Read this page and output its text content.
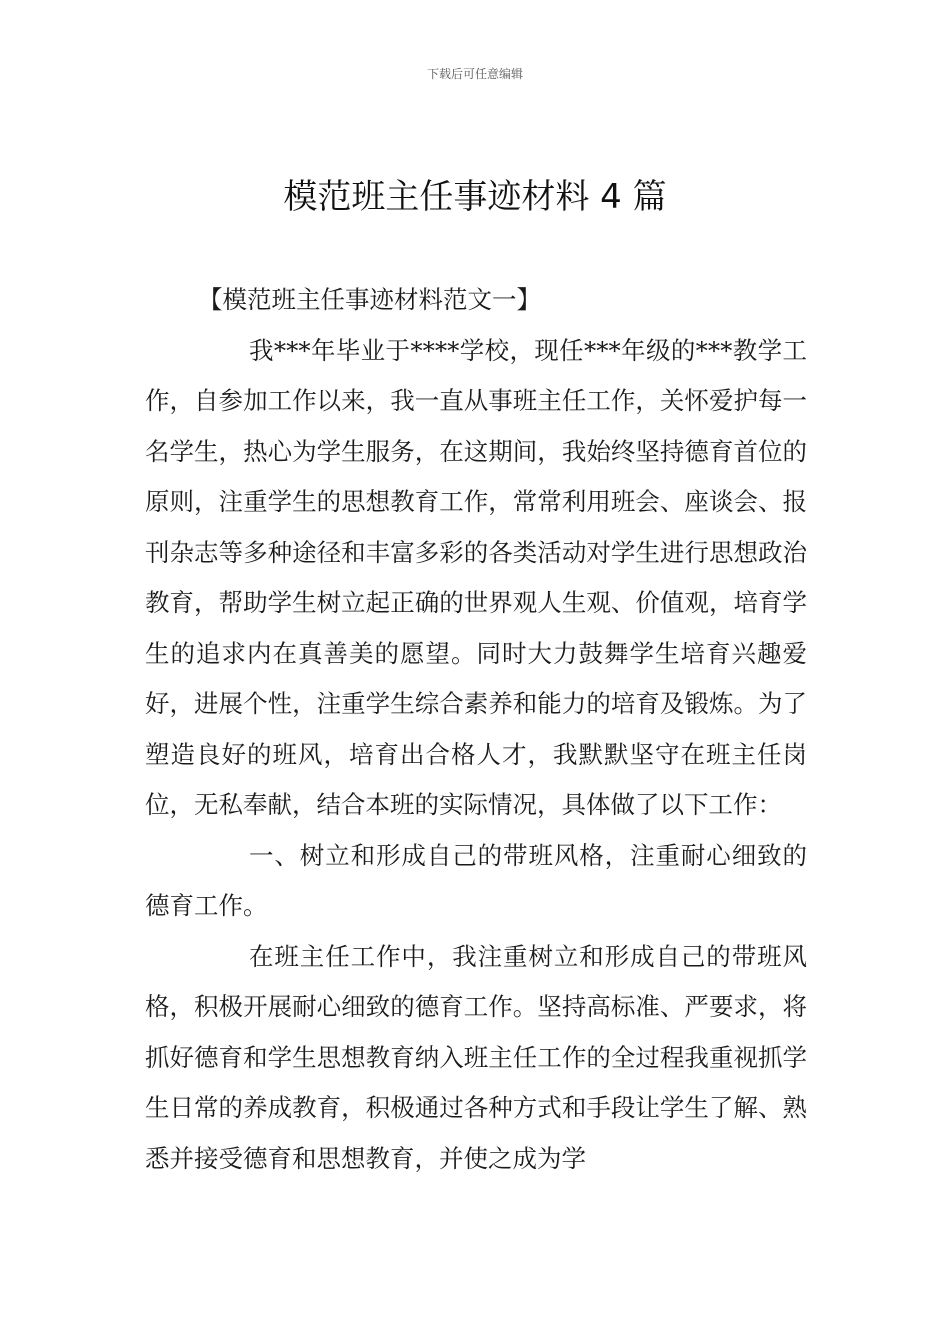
下载后可任意编辑
模范班主任事迹材料 4 篇

【模范班主任事迹材料范文一】

我***年毕业于****学校，现任***年级的***教学工作，自参加工作以来，我一直从事班主任工作，关怀爱护每一名学生，热心为学生服务，在这期间，我始终坚持德育首位的原则，注重学生的思想教育工作，常常利用班会、座谈会、报刊杂志等多种途径和丰富多彩的各类活动对学生进行思想政治教育，帮助学生树立起正确的世界观人生观、价值观，培育学生的追求内在真善美的愿望。同时大力鼓舞学生培育兴趣爱好，进展个性，注重学生综合素养和能力的培育及锻炼。为了塑造良好的班风，培育出合格人才，我默默坚守在班主任岗位，无私奉献，结合本班的实际情况，具体做了以下工作：

一、树立和形成自己的带班风格，注重耐心细致的德育工作。

在班主任工作中，我注重树立和形成自己的带班风格，积极开展耐心细致的德育工作。坚持高标准、严要求，将抓好德育和学生思想教育纳入班主任工作的全过程我重视抓学生日常的养成教育，积极通过各种方式和手段让学生了解、熟悉并接受德育和思想教育，并使之成为学
